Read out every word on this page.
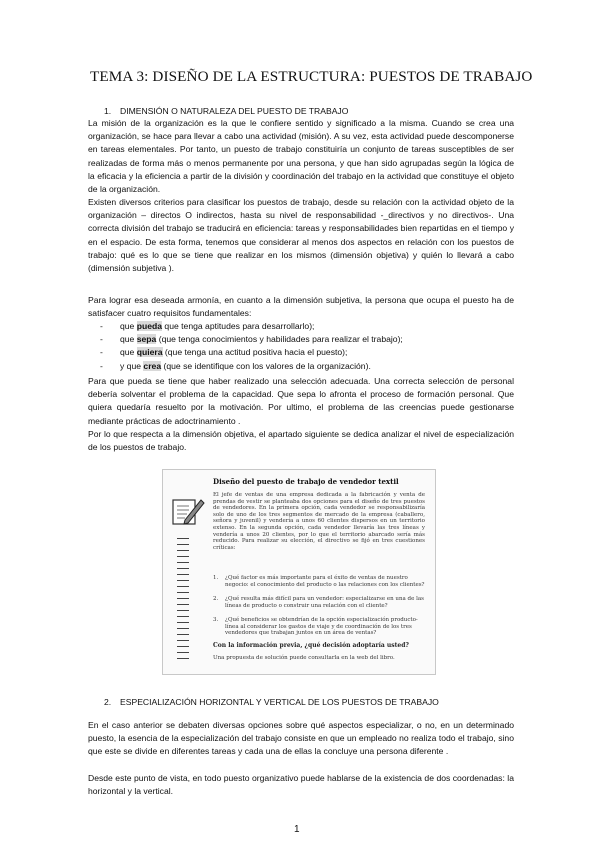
TEMA 3: DISEÑO DE LA ESTRUCTURA: PUESTOS DE TRABAJO
1. DIMENSIÓN O NATURALEZA DEL PUESTO DE TRABAJO

La misión de la organización es la que le confiere sentido y significado a la misma. Cuando se crea una organización, se hace para llevar a cabo una actividad (misión). A su vez, esta actividad puede descomponerse en tareas elementales. Por tanto, un puesto de trabajo constituiría un conjunto de tareas susceptibles de ser realizadas de forma más o menos permanente por una persona, y que han sido agrupadas según la lógica de la eficacia y la eficiencia a partir de la división y coordinación del trabajo en la actividad que constituye el objeto de la organización.

Existen diversos criterios para clasificar los puestos de trabajo, desde su relación con la actividad objeto de la organización – directos O indirectos, hasta su nivel de responsabilidad -_directivos y no directivos-. Una correcta división del trabajo se traducirá en eficiencia: tareas y responsabilidades bien repartidas en el tiempo y en el espacio. De esta forma, tenemos que considerar al menos dos aspectos en relación con los puestos de trabajo: qué es lo que se tiene que realizar en los mismos (dimensión objetiva) y quién lo llevará a cabo (dimensión subjetiva ).

Para lograr esa deseada armonía, en cuanto a la dimensión subjetiva, la persona que ocupa el puesto ha de satisfacer cuatro requisitos fundamentales:

- que pueda que tenga aptitudes para desarrollarlo);
- que sepa (que tenga conocimientos y habilidades para realizar el trabajo);
- que quiera (que tenga una actitud positiva hacia el puesto);
- y que crea (que se identifique con los valores de la organización).

Para que pueda se tiene que haber realizado una selección adecuada. Una correcta selección de personal debería solventar el problema de la capacidad. Que sepa lo afronta el proceso de formación personal. Que quiera quedaría resuelto por la motivación. Por ultimo, el problema de las creencias puede gestionarse mediante prácticas de adoctrinamiento .

Por lo que respecta a la dimensión objetiva, el apartado siguiente se dedica analizar el nivel de especialización de los puestos de trabajo.

Diseño del puesto de trabajo de vendedor textil

El jefe de ventas de una empresa dedicada a la fabricación y venta de prendas de vestir se planteaba dos opciones para el diseño de tres puestos de vendedores. En la primera opción, cada vendedor se responsabilizaría solo de uno de los tres segmentos de mercado de la empresa (caballero, señora y juvenil) y vendería a unos 60 clientes dispersos en un territorio extenso. En la segunda opción, cada vendedor llevaría las tres líneas y vendería a unos 20 clientes, por lo que el territorio abarcado sería más reducido. Para realizar su elección, el directivo se fijó en tres cuestiones críticas:

1. ¿Qué factor es más importante para el éxito de ventas de nuestro negocio: el conocimiento del producto o las relaciones con los clientes?
2. ¿Qué resulta más difícil para un vendedor: especializarse en una de las líneas de producto o construir una relación con el cliente?
3. ¿Qué beneficios se obtendrían de la opción especialización producto-línea al considerar los gastos de viaje y de coordinación de los tres vendedores que trabajan juntos en un área de ventas?
Con la información previa, ¿qué decisión adoptaría usted?
Una propuesta de solución puede consultarla en la web del libro.
2. ESPECIALIZACIÓN HORIZONTAL Y VERTICAL DE LOS PUESTOS DE TRABAJO

En el caso anterior se debaten diversas opciones sobre qué aspectos especializar, o no, en un determinado puesto, la esencia de la especialización del trabajo consiste en que un empleado no realiza todo el trabajo, sino que este se divide en diferentes tareas y cada una de ellas la concluye una persona diferente .

Desde este punto de vista, en todo puesto organizativo puede hablarse de la existencia de dos coordenadas: la horizontal y la vertical.

1
